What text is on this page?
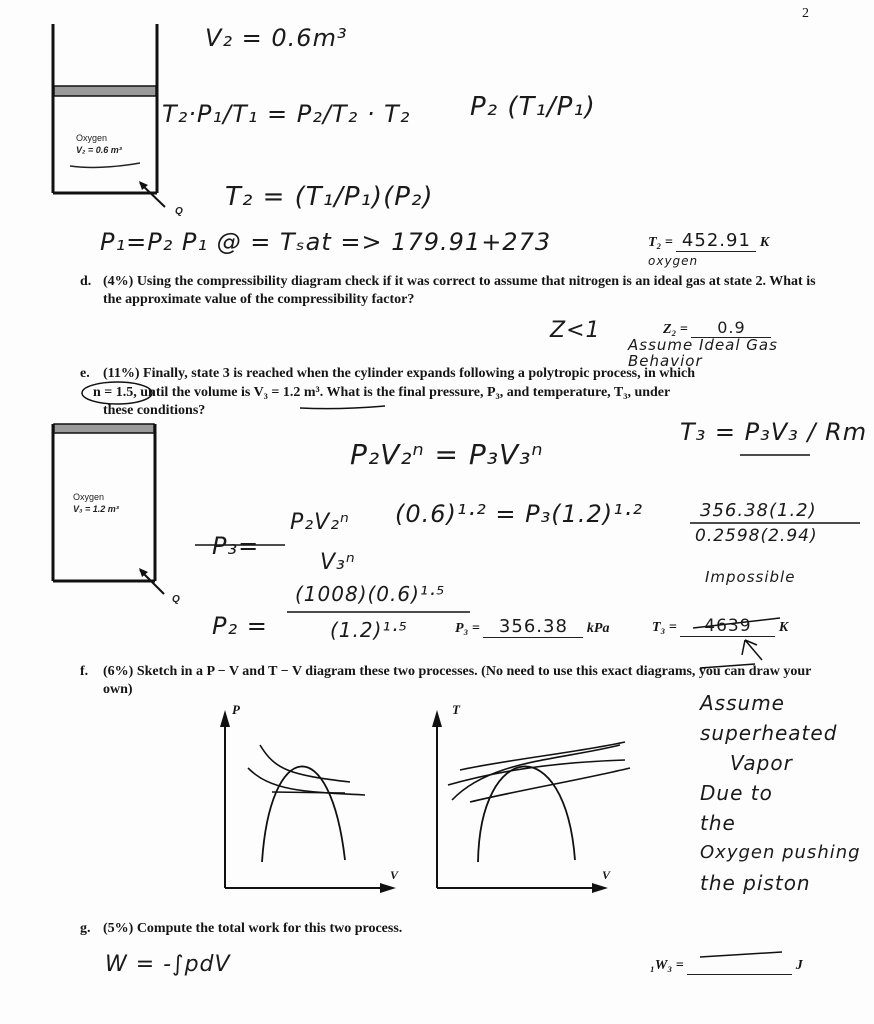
2
Oxygen
V₂ = 0.6 m³
Q
Oxygen
V₃ = 1.2 m³
Q
V₂ = 0.6m³
T₂·P₁/T₁ = P₂/T₂ · T₂ P₂ (T₁/P₁)
T₂ = (T₁/P₁)(P₂)
P₁=P₂ P₁ @ = Tₛat => 179.91+273	T₂ = 452.91 K
oxygen
d. (4%) Using the compressibility diagram check if it was correct to assume that nitrogen is an ideal gas at state 2. What is the approximate value of the compressibility factor?
Z<1	Z₂ = 0.9
Assume Ideal Gas Behavior
e. (11%) Finally, state 3 is reached when the cylinder expands following a polytropic process, in which
n = 1.5, until the volume is V₃ = 1.2 m³. What is the final pressure, P₃, and temperature, T₃, under
these conditions?
P₂V₂ⁿ = P₃V₃ⁿ
T₃ = P₃V₃ / Rm
(0.6)¹·² = P₃(1.2)¹·²
P₃=
P₂V₂ⁿ
V₃ⁿ
356.38(1.2)
0.2598(2.94)
Impossible
P₂ =
(1008)(0.6)¹·⁵
(1.2)¹·⁵	P₃ = 356.38 kPa	T₃ = 4639 K
f. (6%) Sketch in a P − V and T − V diagram these two processes. (No need to use this exact diagrams, you can draw your own)
P
V
T
V
Assume
superheated
Vapor
Due to
the
Oxygen pushing
the piston
g. (5%) Compute the total work for this two process.
W = -∫pdV	₁W₃ =	J
